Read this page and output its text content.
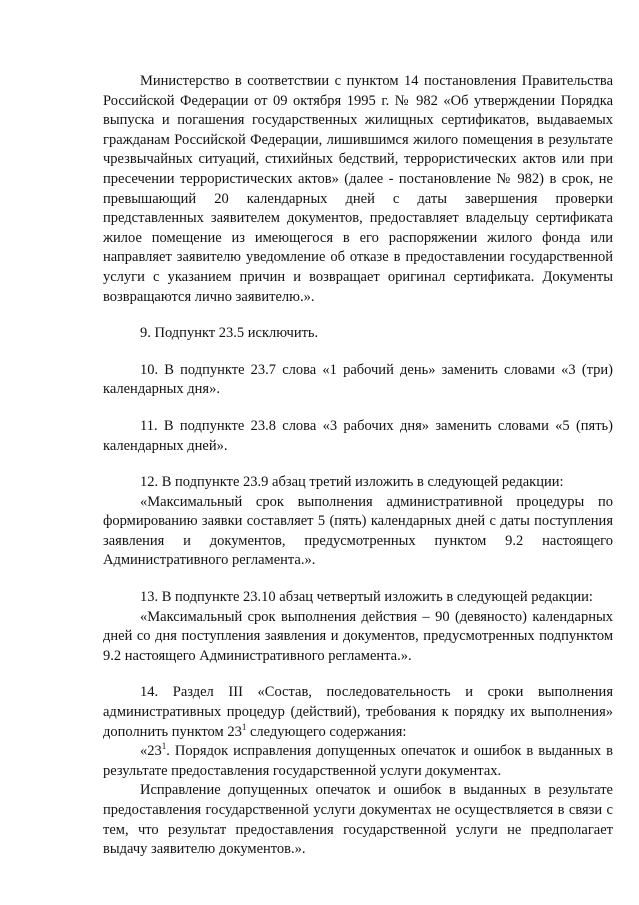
Министерство в соответствии с пунктом 14 постановления Правительства Российской Федерации от 09 октября 1995 г. № 982 «Об утверждении Порядка выпуска и погашения государственных жилищных сертификатов, выдаваемых гражданам Российской Федерации, лишившимся жилого помещения в результате чрезвычайных ситуаций, стихийных бедствий, террористических актов или при пресечении террористических актов» (далее - постановление № 982) в срок, не превышающий 20 календарных дней с даты завершения проверки представленных заявителем документов, предоставляет владельцу сертификата жилое помещение из имеющегося в его распоряжении жилого фонда или направляет заявителю уведомление об отказе в предоставлении государственной услуги с указанием причин и возвращает оригинал сертификата. Документы возвращаются лично заявителю.».

9. Подпункт 23.5 исключить.

10. В подпункте 23.7 слова «1 рабочий день» заменить словами «3 (три) календарных дня».

11. В подпункте 23.8 слова «3 рабочих дня» заменить словами «5 (пять) календарных дней».

12. В подпункте 23.9 абзац третий изложить в следующей редакции:

«Максимальный срок выполнения административной процедуры по формированию заявки составляет 5 (пять) календарных дней с даты поступления заявления и документов, предусмотренных пунктом 9.2 настоящего Административного регламента.».

13. В подпункте 23.10 абзац четвертый изложить в следующей редакции:

«Максимальный срок выполнения действия – 90 (девяносто) календарных дней со дня поступления заявления и документов, предусмотренных подпунктом 9.2 настоящего Административного регламента.».

14. Раздел III «Состав, последовательность и сроки выполнения административных процедур (действий), требования к порядку их выполнения» дополнить пунктом $23^1$ следующего содержания:

«$23^1$. Порядок исправления допущенных опечаток и ошибок в выданных в результате предоставления государственной услуги документах.

Исправление допущенных опечаток и ошибок в выданных в результате предоставления государственной услуги документах не осуществляется в связи с тем, что результат предоставления государственной услуги не предполагает выдачу заявителю документов.».
